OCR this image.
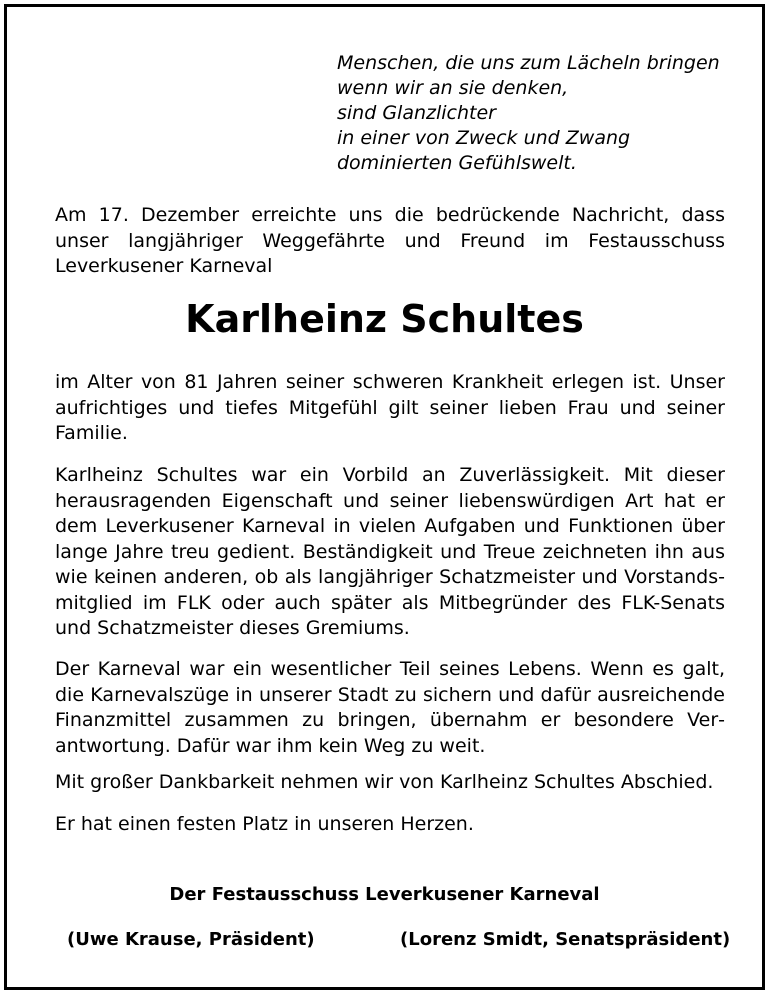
Menschen, die uns zum Lächeln bringen
wenn wir an sie denken,
sind Glanzlichter
in einer von Zweck und Zwang
dominierten Gefühlswelt.
Am 17. Dezember erreichte uns die bedrückende Nachricht, dass unser langjähriger Weggefährte und Freund im Festausschuss Leverkusener Karneval
Karlheinz Schultes
im Alter von 81 Jahren seiner schweren Krankheit erlegen ist. Unser aufrichtiges und tiefes Mitgefühl gilt seiner lieben Frau und seiner Familie.
Karlheinz Schultes war ein Vorbild an Zuverlässigkeit. Mit dieser herausragenden Eigenschaft und seiner liebenswürdigen Art hat er dem Leverkusener Karneval in vielen Aufgaben und Funktionen über lange Jahre treu gedient. Beständigkeit und Treue zeichneten ihn aus wie keinen anderen, ob als langjähriger Schatzmeister und Vorstandsmitglied im FLK oder auch später als Mitbegründer des FLK-Senats und Schatzmeister dieses Gremiums.
Der Karneval war ein wesentlicher Teil seines Lebens. Wenn es galt, die Karnevalszüge in unserer Stadt zu sichern und dafür ausreichende Finanzmittel zusammen zu bringen, übernahm er besondere Verantwortung. Dafür war ihm kein Weg zu weit.
Mit großer Dankbarkeit nehmen wir von Karlheinz Schultes Abschied.
Er hat einen festen Platz in unseren Herzen.
Der Festausschuss Leverkusener Karneval
(Uwe Krause, Präsident)	(Lorenz Smidt, Senatspräsident)
